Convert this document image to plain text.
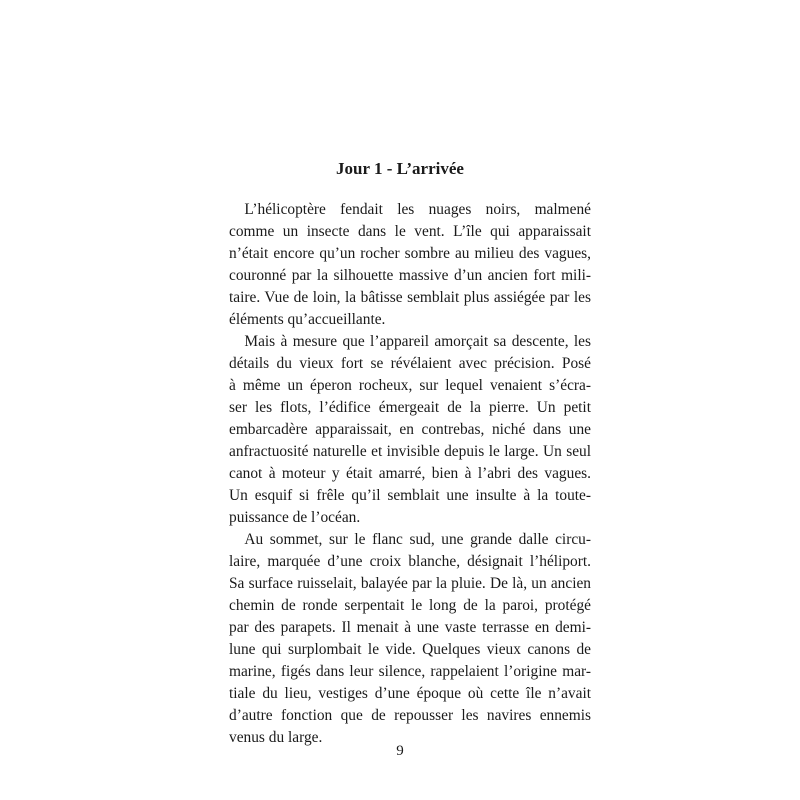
Jour 1 - L’arrivée
L’hélicoptère fendait les nuages noirs, malmené
comme un insecte dans le vent. L’île qui apparaissait
n’était encore qu’un rocher sombre au milieu des vagues,
couronné par la silhouette massive d’un ancien fort mili-
taire. Vue de loin, la bâtisse semblait plus assiégée par les
éléments qu’accueillante.
Mais à mesure que l’appareil amorçait sa descente, les
détails du vieux fort se révélaient avec précision. Posé
à même un éperon rocheux, sur lequel venaient s’écra-
ser les flots, l’édifice émergeait de la pierre. Un petit
embarcadère apparaissait, en contrebas, niché dans une
anfractuosité naturelle et invisible depuis le large. Un seul
canot à moteur y était amarré, bien à l’abri des vagues.
Un esquif si frêle qu’il semblait une insulte à la toute-
puissance de l’océan.
Au sommet, sur le flanc sud, une grande dalle circu-
laire, marquée d’une croix blanche, désignait l’héliport.
Sa surface ruisselait, balayée par la pluie. De là, un ancien
chemin de ronde serpentait le long de la paroi, protégé
par des parapets. Il menait à une vaste terrasse en demi-
lune qui surplombait le vide. Quelques vieux canons de
marine, figés dans leur silence, rappelaient l’origine mar-
tiale du lieu, vestiges d’une époque où cette île n’avait
d’autre fonction que de repousser les navires ennemis
venus du large.
9
